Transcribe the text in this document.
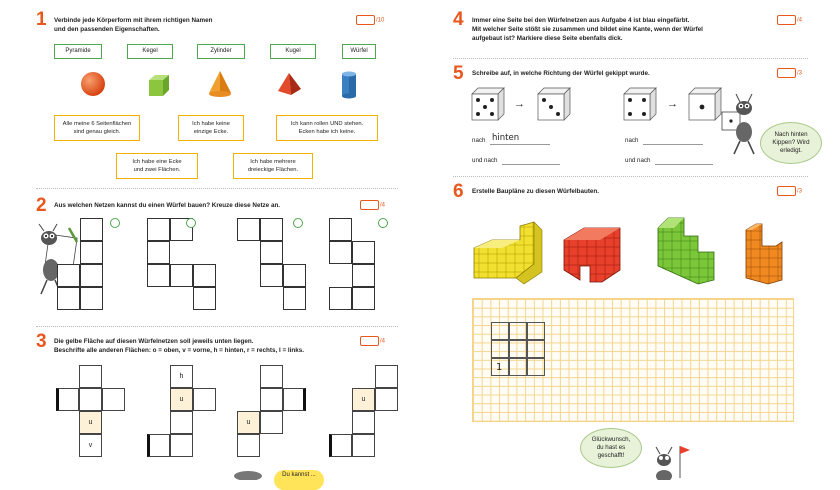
1 Verbinde jede Körperform mit ihrem richtigen Namen
und den passenden Eigenschaften.
/10
Pyramide	Kegel	Zylinder	Kugel	Würfel
Alle meine 6 Seitenflächen
sind genau gleich.
Ich habe keine
einzige Ecke.
Ich kann rollen UND stehen.
Ecken habe ich keine.
Ich habe eine Ecke
und zwei Flächen.
Ich habe mehrere
dreieckige Flächen.
2 Aus welchen Netzen kannst du einen Würfel bauen? Kreuze diese Netze an.	/4
3 Die gelbe Fläche auf diesen Würfelnetzen soll jeweils unten liegen.
Beschrifte alle anderen Flächen: o = oben, v = vorne, h = hinten, r = rechts, l = links.
/4
u
v
h
u
u
u
Du kannst ...
4 Immer eine Seite bei den Würfelnetzen aus Aufgabe 4 ist blau eingefärbt.
Mit welcher Seite stößt sie zusammen und bildet eine Kante, wenn der Würfel
aufgebaut ist? Markiere diese Seite ebenfalls dick.
/4
5 Schreibe auf, in welche Richtung der Würfel gekippt wurde.	/3
→	→
nach hinten
und nach
nach
und nach
Nach hinten
Kippen? Wird
erledigt.
6 Erstelle Baupläne zu diesen Würfelbauten.	/3
1
Glückwunsch,
du hast es
geschafft!
